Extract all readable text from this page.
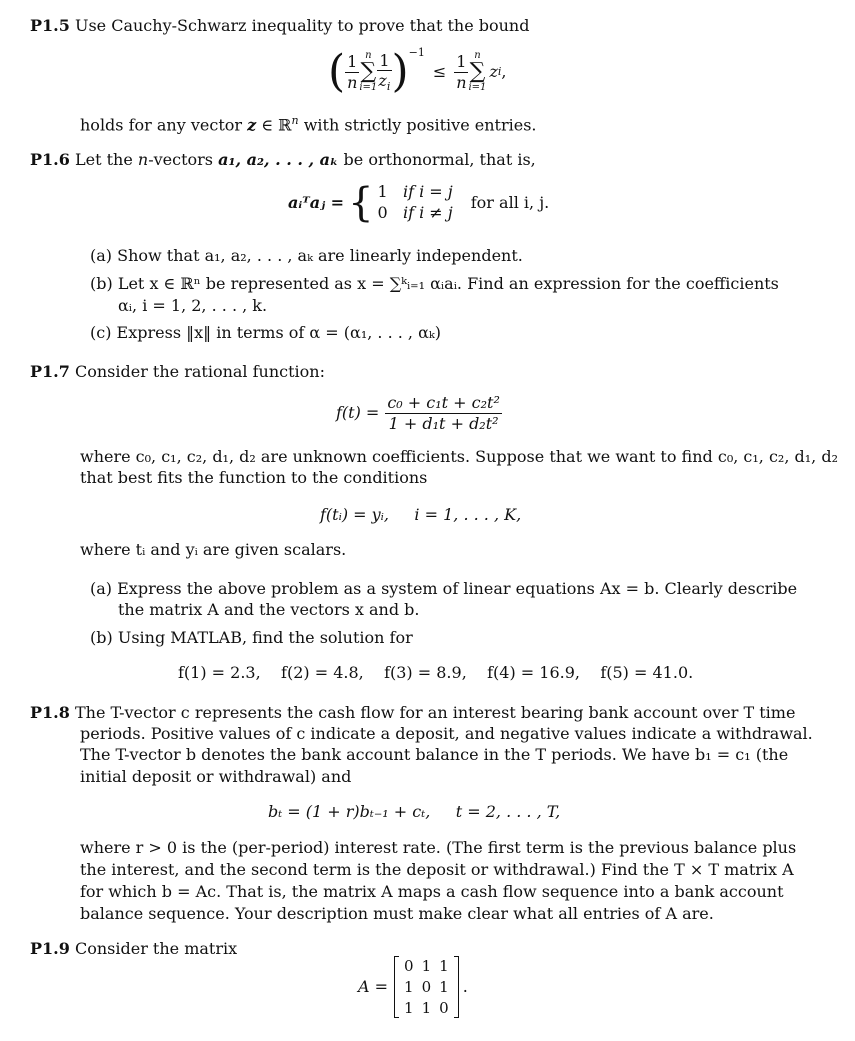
P1.5 Use Cauchy-Schwarz inequality to prove that the bound
( $\frac{1}{n}$ n
∑
$i=1 \frac{1}{z_i} )^{-1}$
≤ $\frac{1}{n}$ n
∑
i=1
z i ,
holds for any vector z ∈ ℝ$^n$ with strictly positive entries.
P1.6 Let the n-vectors a₁, a₂, . . . , aₖ be orthonormal, that is,
aᵢᵀaⱼ = { 1 if i = j
0 if i ≠ j
for all i, j.
(a) Show that a₁, a₂, . . . , aₖ are linearly independent.
(b) Let x ∈ ℝⁿ be represented as x = ∑ᵏᵢ₌₁ αᵢaᵢ. Find an expression for the coefficients
αᵢ, i = 1, 2, . . . , k.
(c) Express ‖x‖ in terms of α = (α₁, . . . , αₖ)
P1.7 Consider the rational function:
$f(t) = \frac{\text{c₀ + c₁t + c₂t²}}{\text{1 + d₁t + d₂t²}}$
where c₀, c₁, c₂, d₁, d₂ are unknown coefficients. Suppose that we want to find c₀, c₁, c₂, d₁, d₂
that best fits the function to the conditions
f(tᵢ) = yᵢ,     i = 1, . . . , K,
where tᵢ and yᵢ are given scalars.
(a) Express the above problem as a system of linear equations Ax = b. Clearly describe
the matrix A and the vectors x and b.
(b) Using MATLAB, find the solution for
f(1) = 2.3,    f(2) = 4.8,    f(3) = 8.9,    f(4) = 16.9,    f(5) = 41.0.
P1.8 The T-vector c represents the cash flow for an interest bearing bank account over T time
periods. Positive values of c indicate a deposit, and negative values indicate a withdrawal.
The T-vector b denotes the bank account balance in the T periods. We have b₁ = c₁ (the
initial deposit or withdrawal) and
bₜ = (1 + r)bₜ₋₁ + cₜ,     t = 2, . . . , T,
where r > 0 is the (per-period) interest rate. (The first term is the previous balance plus
the interest, and the second term is the deposit or withdrawal.) Find the T × T matrix A
for which b = Ac. That is, the matrix A maps a cash flow sequence into a bank account
balance sequence. Your description must make clear what all entries of A are.
P1.9 Consider the matrix
A =
0	1	1
1	0	1
1	1	0
.
